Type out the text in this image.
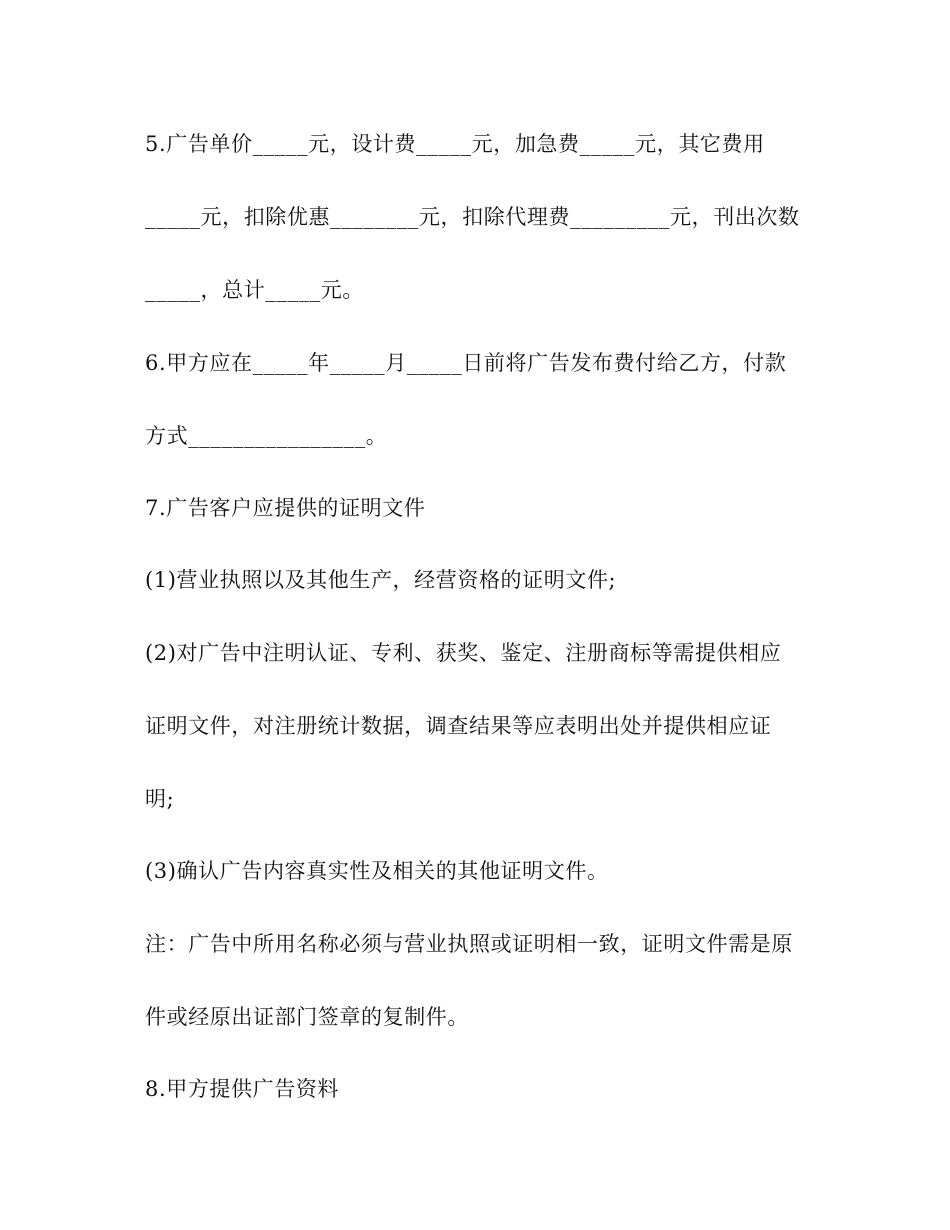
5.广告单价_____元，设计费_____元，加急费_____元，其它费用
_____元，扣除优惠________元，扣除代理费_________元，刊出次数
_____，总计_____元。
6.甲方应在_____年_____月_____日前将广告发布费付给乙方，付款
方式________________。
7.广告客户应提供的证明文件
(1)营业执照以及其他生产，经营资格的证明文件;
(2)对广告中注明认证、专利、获奖、鉴定、注册商标等需提供相应
证明文件，对注册统计数据，调查结果等应表明出处并提供相应证
明;
(3)确认广告内容真实性及相关的其他证明文件。
注：广告中所用名称必须与营业执照或证明相一致，证明文件需是原
件或经原出证部门签章的复制件。
8.甲方提供广告资料
